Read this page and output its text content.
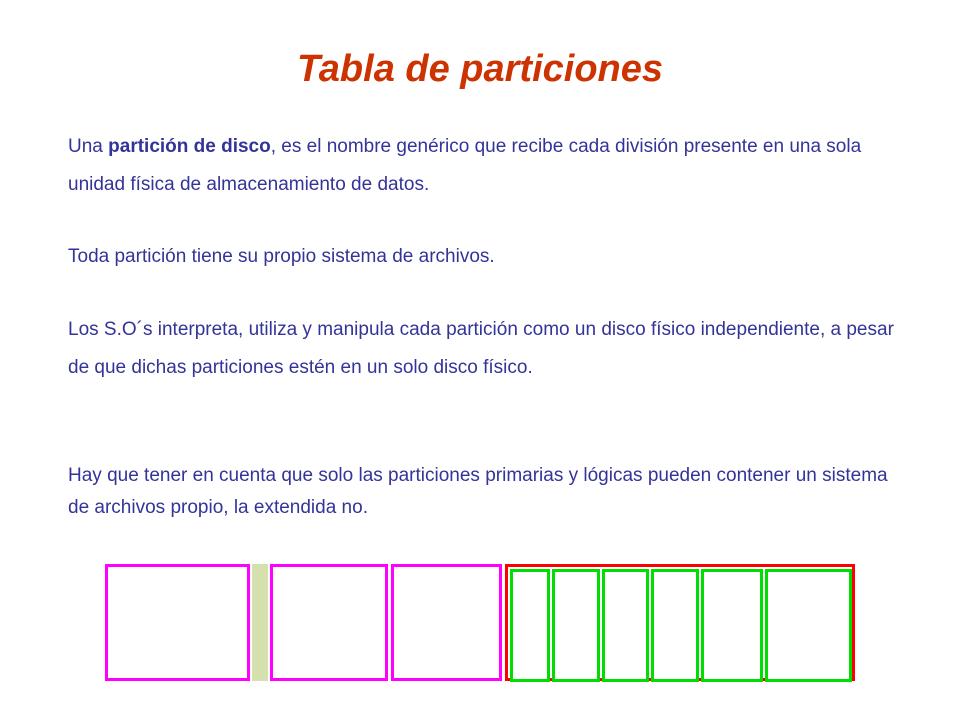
Tabla de particiones

Una partición de disco, es el nombre genérico que recibe cada división presente en una sola unidad física de almacenamiento de datos.

Toda partición tiene su propio sistema de archivos.

Los S.O´s interpreta, utiliza y manipula cada partición como un disco físico independiente, a pesar de que dichas particiones estén en un solo disco físico.

Hay que tener en cuenta que solo las particiones primarias y lógicas pueden contener un sistema de archivos propio, la extendida no.
